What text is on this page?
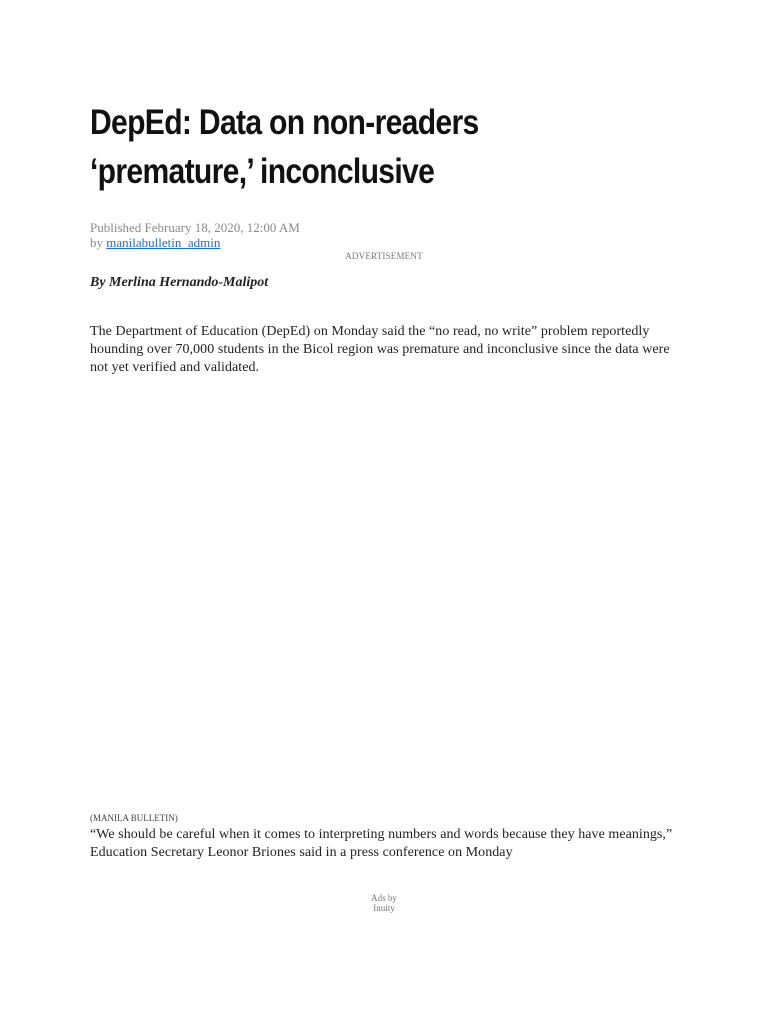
DepEd: Data on non-readers
‘premature,’ inconclusive
Published February 18, 2020, 12:00 AM
by manilabulletin_admin
ADVERTISEMENT
By Merlina Hernando-Malipot

The Department of Education (DepEd) on Monday said the “no read, no write” problem reportedly hounding over 70,000 students in the Bicol region was premature and inconclusive since the data were not yet verified and validated.

(MANILA BULLETIN)

“We should be careful when it comes to interpreting numbers and words because they have meanings,” Education Secretary Leonor Briones said in a press conference on Monday

Ads by
Inuity
